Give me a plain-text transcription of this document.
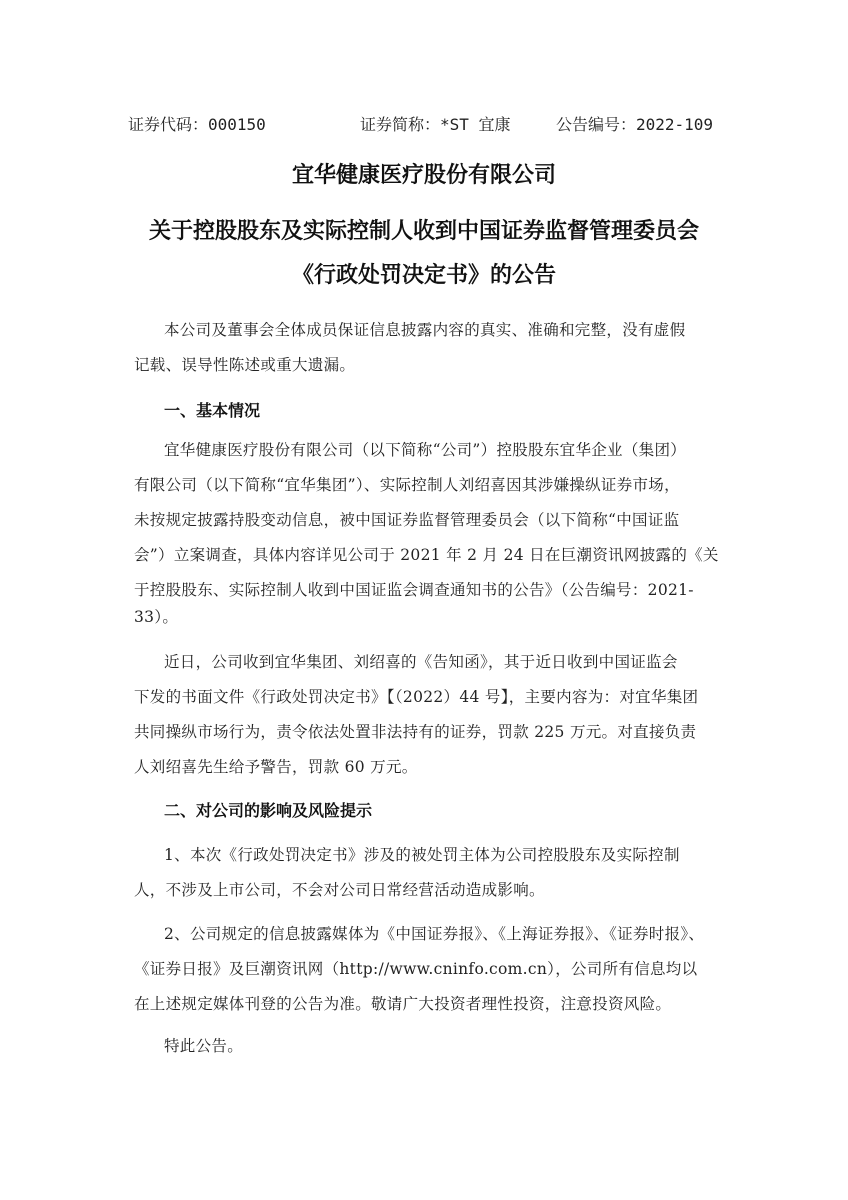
证券代码：000150	证券简称：*ST 宜康	公告编号：2022-109
宜华健康医疗股份有限公司
关于控股股东及实际控制人收到中国证券监督管理委员会
《行政处罚决定书》的公告
本公司及董事会全体成员保证信息披露内容的真实、准确和完整，没有虚假
记载、误导性陈述或重大遗漏。
一、基本情况
宜华健康医疗股份有限公司（以下简称“公司”）控股股东宜华企业（集团）
有限公司（以下简称“宜华集团”）、实际控制人刘绍喜因其涉嫌操纵证券市场，
未按规定披露持股变动信息，被中国证券监督管理委员会（以下简称“中国证监
会”）立案调查，具体内容详见公司于 2021 年 2 月 24 日在巨潮资讯网披露的《关
于控股股东、实际控制人收到中国证监会调查通知书的公告》（公告编号：2021-
33）。
近日，公司收到宜华集团、刘绍喜的《告知函》，其于近日收到中国证监会
下发的书面文件《行政处罚决定书》【（2022）44 号】，主要内容为：对宜华集团
共同操纵市场行为，责令依法处置非法持有的证券，罚款 225 万元。对直接负责
人刘绍喜先生给予警告，罚款 60 万元。
二、对公司的影响及风险提示
1、本次《行政处罚决定书》涉及的被处罚主体为公司控股股东及实际控制
人，不涉及上市公司，不会对公司日常经营活动造成影响。
2、公司规定的信息披露媒体为《中国证券报》、《上海证券报》、《证券时报》、
《证券日报》及巨潮资讯网（http://www.cninfo.com.cn），公司所有信息均以
在上述规定媒体刊登的公告为准。敬请广大投资者理性投资，注意投资风险。
特此公告。
